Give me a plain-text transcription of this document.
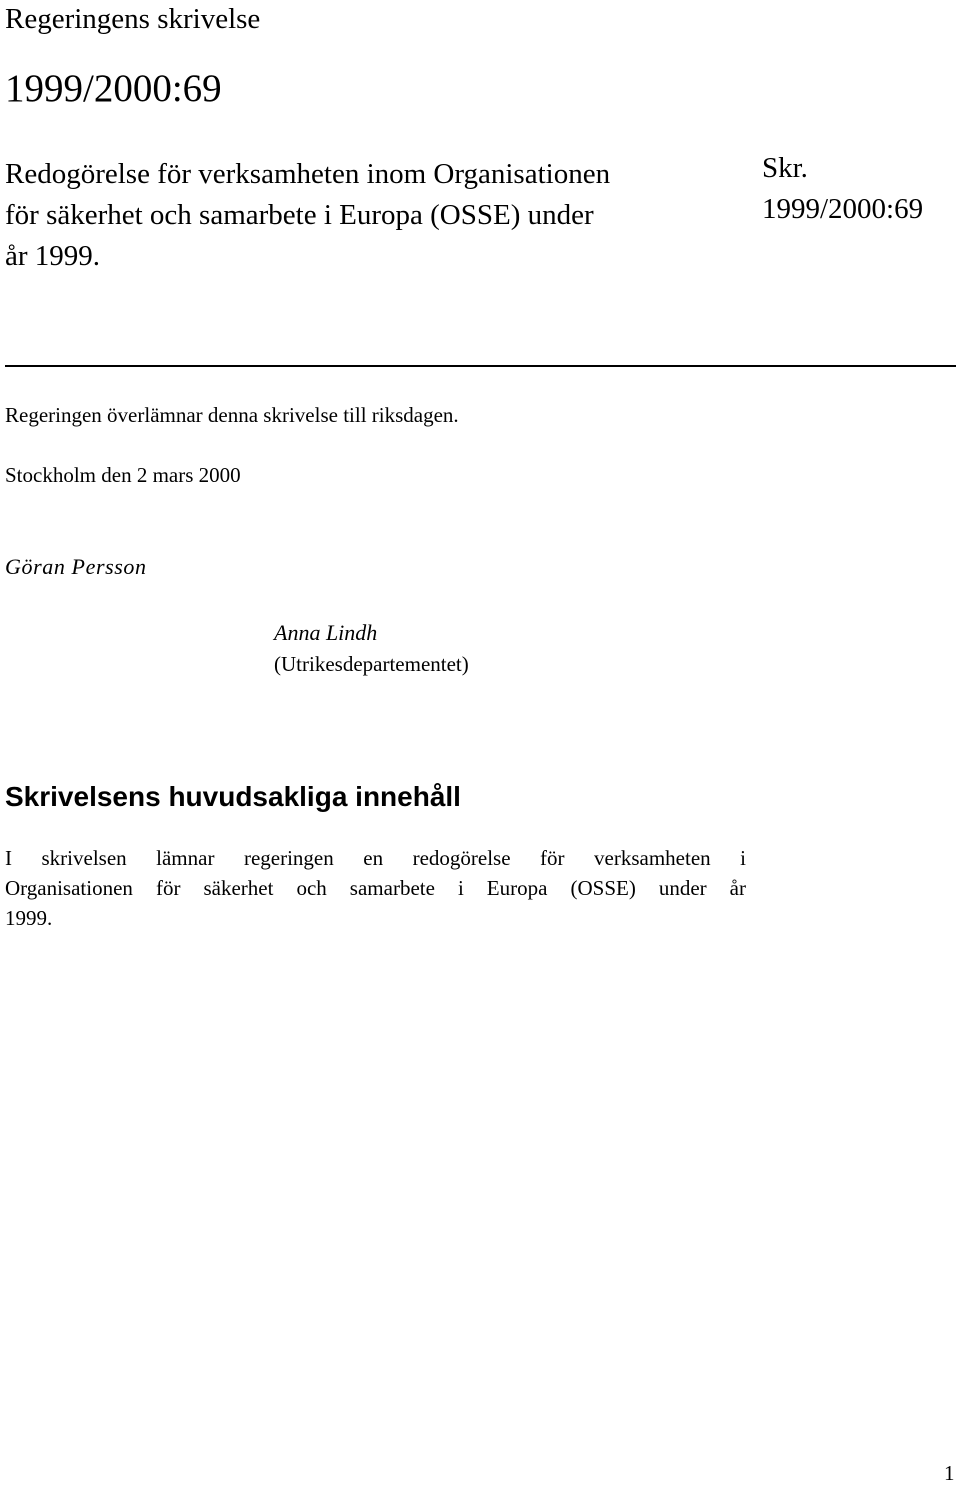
Regeringens skrivelse

1999/2000:69

Redogörelse för verksamheten inom Organisationen
för säkerhet och samarbete i Europa (OSSE) under
år 1999.

Skr.

1999/2000:69

Regeringen överlämnar denna skrivelse till riksdagen.

Stockholm den 2 mars 2000

Göran Persson

Anna Lindh

(Utrikesdepartementet)

Skrivelsens huvudsakliga innehåll
I skrivelsen lämnar regeringen en redogörelse för verksamheten i
Organisationen för säkerhet och samarbete i Europa (OSSE) under år
1999.

1
